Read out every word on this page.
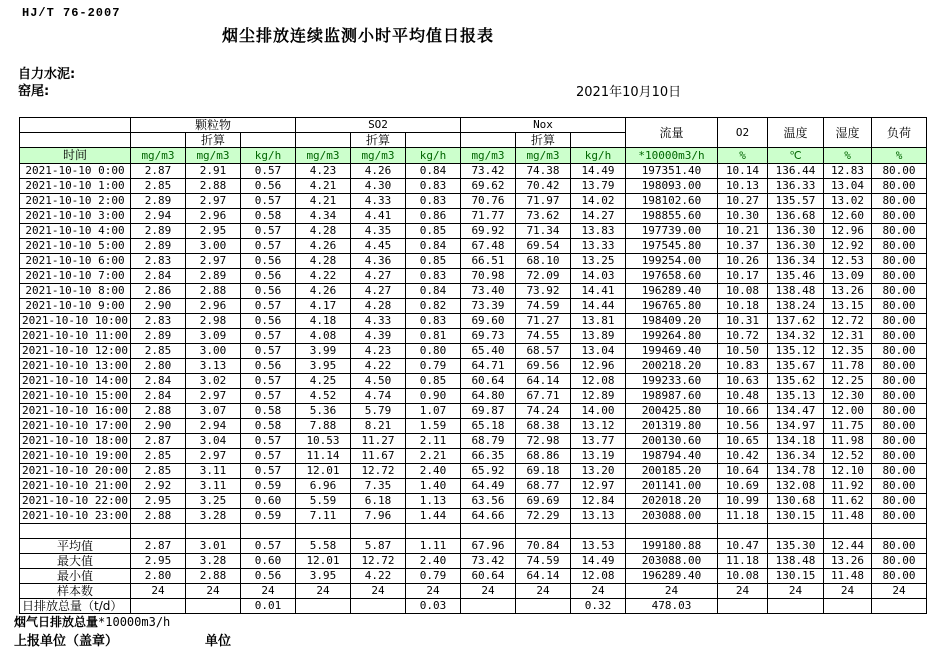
HJ/T 76-2007
烟尘排放连续监测小时平均值日报表
自力水泥:
窑尾:	2021年10月10日
	颗粒物			SO2			Nox			流量	O2	温度	湿度	负荷
		折算			折算			折算						
时间	mg/m3	mg/m3	kg/h	mg/m3	mg/m3	kg/h	mg/m3	mg/m3	kg/h	*10000m3/h	%	℃	%	%
2021-10-10 0:00	2.87	2.91	0.57	4.23	4.26	0.84	73.42	74.38	14.49	197351.40	10.14	136.44	12.83	80.00
2021-10-10 1:00	2.85	2.88	0.56	4.21	4.30	0.83	69.62	70.42	13.79	198093.00	10.13	136.33	13.04	80.00
2021-10-10 2:00	2.89	2.97	0.57	4.21	4.33	0.83	70.76	71.97	14.02	198102.60	10.27	135.57	13.02	80.00
2021-10-10 3:00	2.94	2.96	0.58	4.34	4.41	0.86	71.77	73.62	14.27	198855.60	10.30	136.68	12.60	80.00
2021-10-10 4:00	2.89	2.95	0.57	4.28	4.35	0.85	69.92	71.34	13.83	197739.00	10.21	136.30	12.96	80.00
2021-10-10 5:00	2.89	3.00	0.57	4.26	4.45	0.84	67.48	69.54	13.33	197545.80	10.37	136.30	12.92	80.00
2021-10-10 6:00	2.83	2.97	0.56	4.28	4.36	0.85	66.51	68.10	13.25	199254.00	10.26	136.34	12.53	80.00
2021-10-10 7:00	2.84	2.89	0.56	4.22	4.27	0.83	70.98	72.09	14.03	197658.60	10.17	135.46	13.09	80.00
2021-10-10 8:00	2.86	2.88	0.56	4.26	4.27	0.84	73.40	73.92	14.41	196289.40	10.08	138.48	13.26	80.00
2021-10-10 9:00	2.90	2.96	0.57	4.17	4.28	0.82	73.39	74.59	14.44	196765.80	10.18	138.24	13.15	80.00
2021-10-10 10:00	2.83	2.98	0.56	4.18	4.33	0.83	69.60	71.27	13.81	198409.20	10.31	137.62	12.72	80.00
2021-10-10 11:00	2.89	3.09	0.57	4.08	4.39	0.81	69.73	74.55	13.89	199264.80	10.72	134.32	12.31	80.00
2021-10-10 12:00	2.85	3.00	0.57	3.99	4.23	0.80	65.40	68.57	13.04	199469.40	10.50	135.12	12.35	80.00
2021-10-10 13:00	2.80	3.13	0.56	3.95	4.22	0.79	64.71	69.56	12.96	200218.20	10.83	135.67	11.78	80.00
2021-10-10 14:00	2.84	3.02	0.57	4.25	4.50	0.85	60.64	64.14	12.08	199233.60	10.63	135.62	12.25	80.00
2021-10-10 15:00	2.84	2.97	0.57	4.52	4.74	0.90	64.80	67.71	12.89	198987.60	10.48	135.13	12.30	80.00
2021-10-10 16:00	2.88	3.07	0.58	5.36	5.79	1.07	69.87	74.24	14.00	200425.80	10.66	134.47	12.00	80.00
2021-10-10 17:00	2.90	2.94	0.58	7.88	8.21	1.59	65.18	68.38	13.12	201319.80	10.56	134.97	11.75	80.00
2021-10-10 18:00	2.87	3.04	0.57	10.53	11.27	2.11	68.79	72.98	13.77	200130.60	10.65	134.18	11.98	80.00
2021-10-10 19:00	2.85	2.97	0.57	11.14	11.67	2.21	66.35	68.86	13.19	198794.40	10.42	136.34	12.52	80.00
2021-10-10 20:00	2.85	3.11	0.57	12.01	12.72	2.40	65.92	69.18	13.20	200185.20	10.64	134.78	12.10	80.00
2021-10-10 21:00	2.92	3.11	0.59	6.96	7.35	1.40	64.49	68.77	12.97	201141.00	10.69	132.08	11.92	80.00
2021-10-10 22:00	2.95	3.25	0.60	5.59	6.18	1.13	63.56	69.69	12.84	202018.20	10.99	130.68	11.62	80.00
2021-10-10 23:00	2.88	3.28	0.59	7.11	7.96	1.44	64.66	72.29	13.13	203088.00	11.18	130.15	11.48	80.00

平均值	2.87	3.01	0.57	5.58	5.87	1.11	67.96	70.84	13.53	199180.88	10.47	135.30	12.44	80.00
最大值	2.95	3.28	0.60	12.01	12.72	2.40	73.42	74.59	14.49	203088.00	11.18	138.48	13.26	80.00
最小值	2.80	2.88	0.56	3.95	4.22	0.79	60.64	64.14	12.08	196289.40	10.08	130.15	11.48	80.00
样本数	24	24	24	24	24	24	24	24	24	24	24	24	24	24
日排放总量（t/d）			0.01			0.03			0.32	478.03				
烟气日排放总量*10000m3/h
上报单位（盖章）	单位
